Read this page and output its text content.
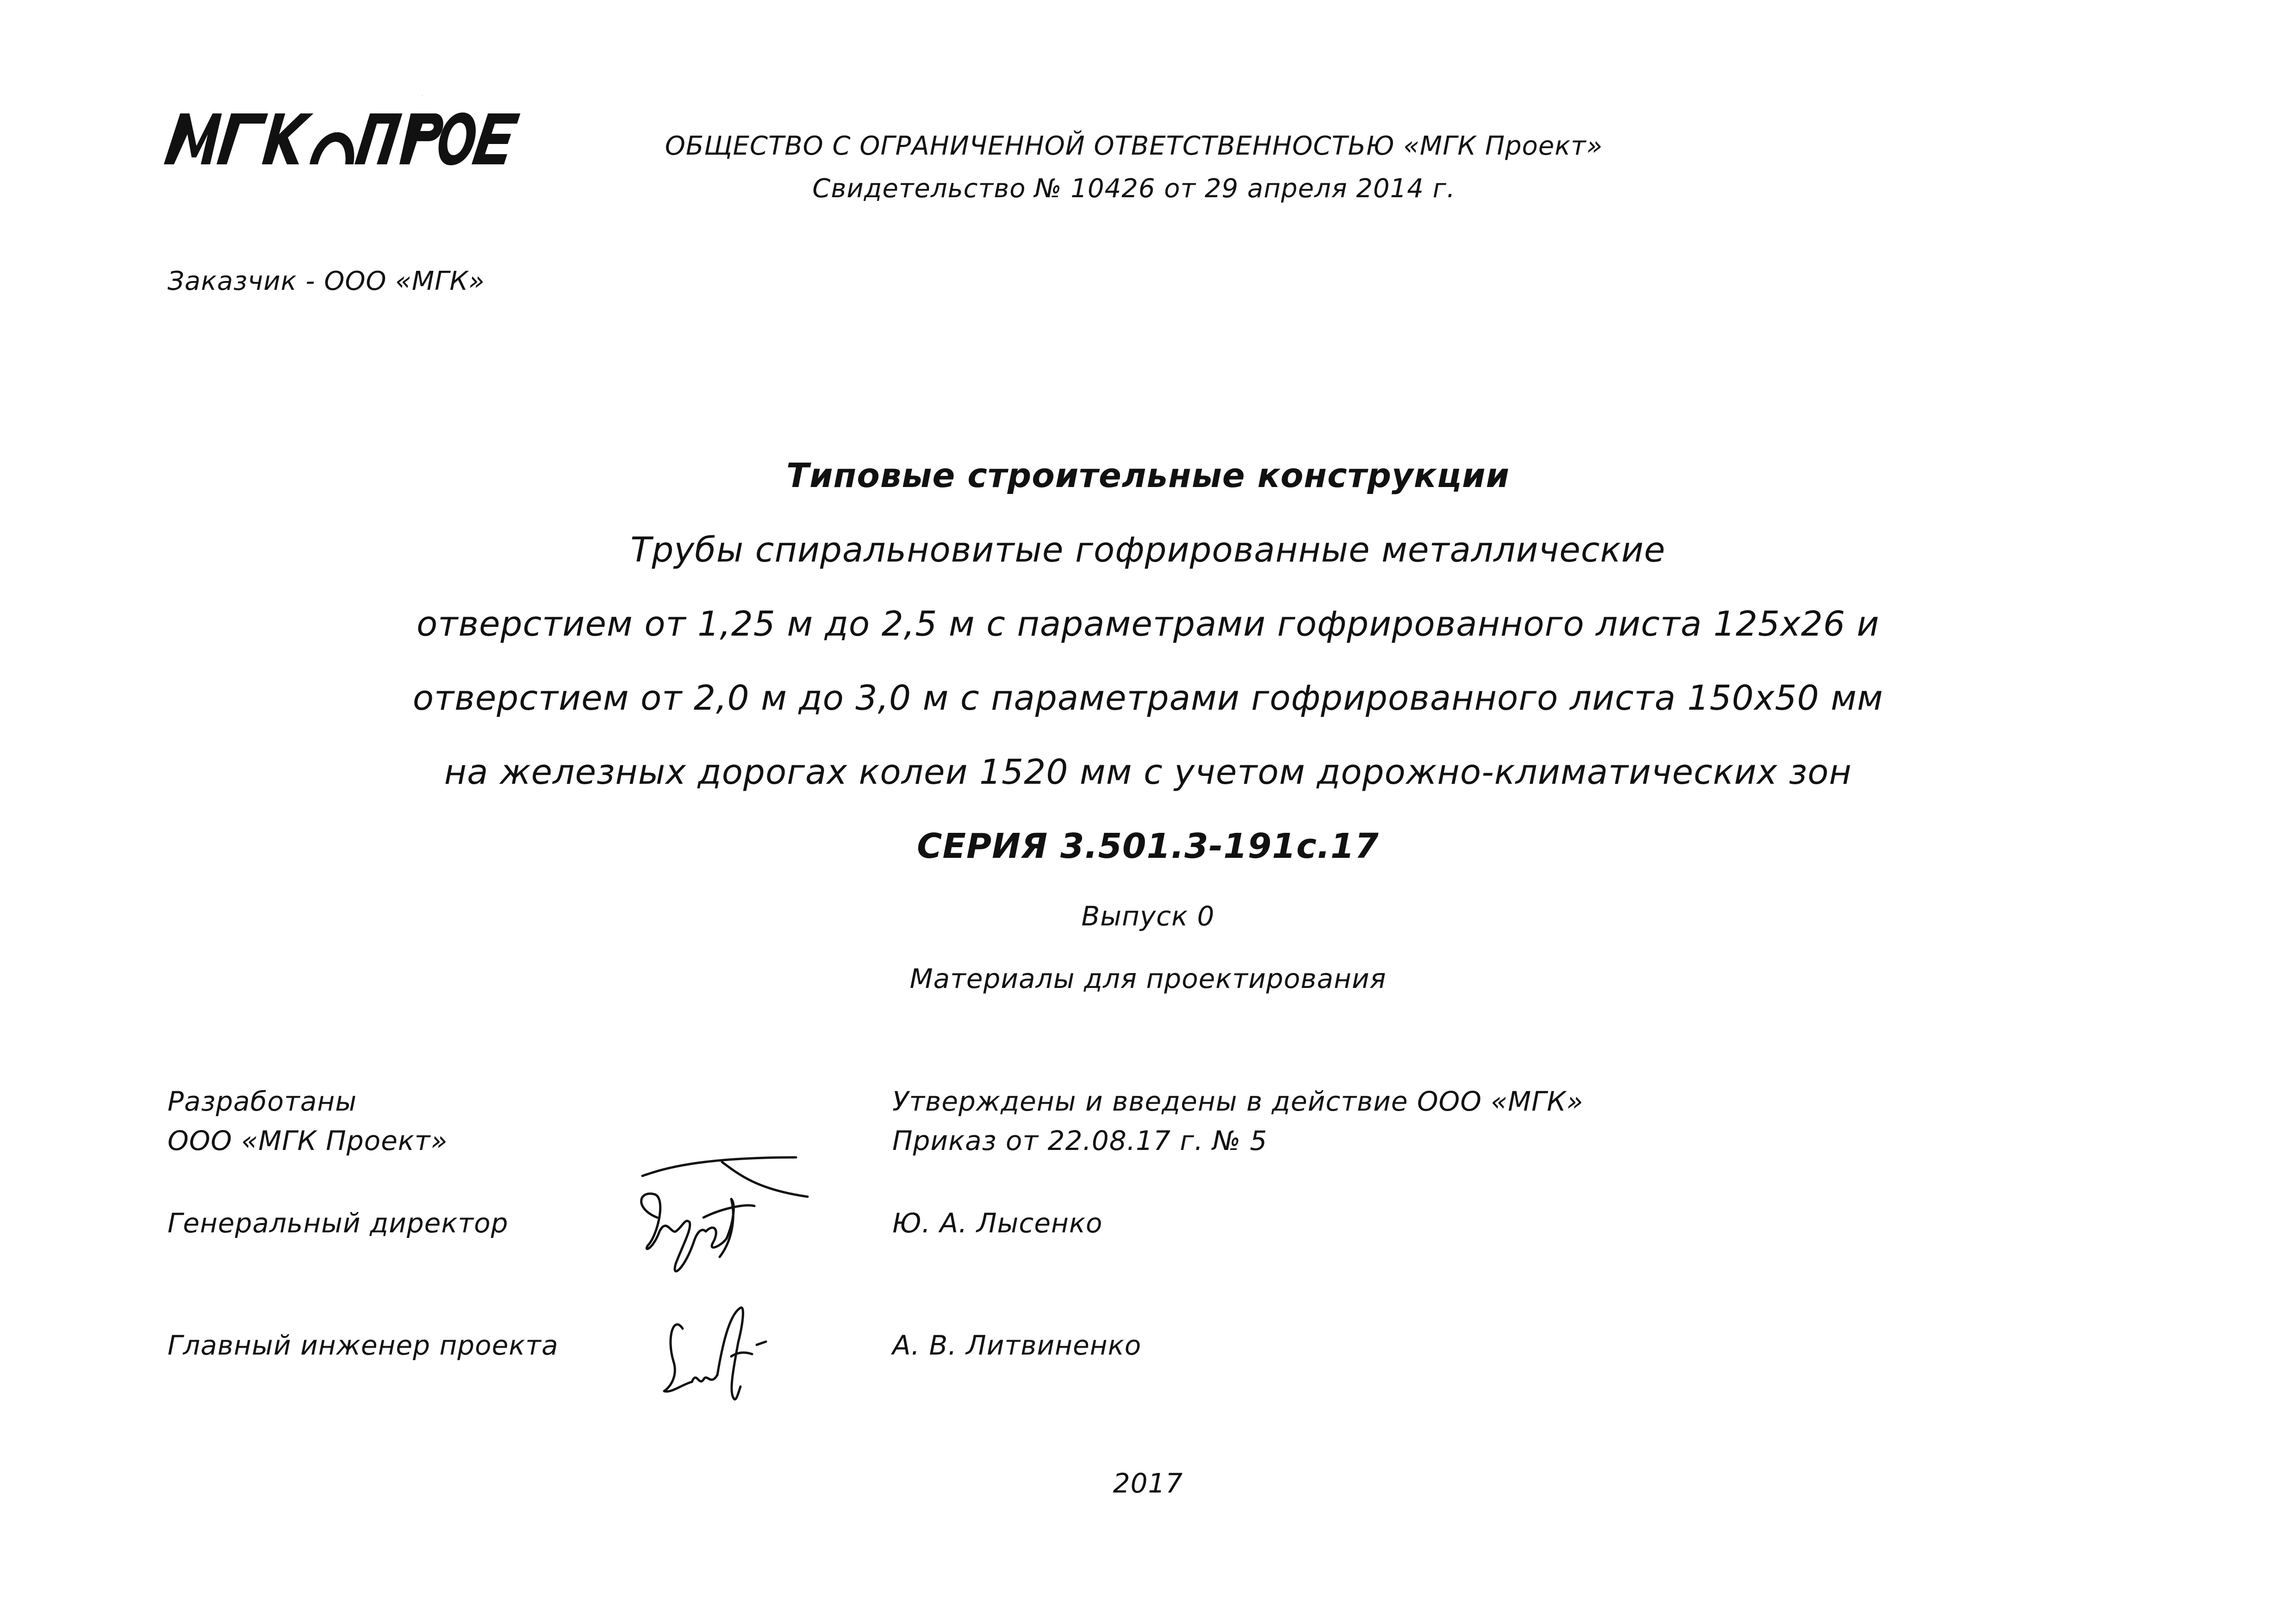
ОБЩЕСТВО С ОГРАНИЧЕННОЙ ОТВЕТСТВЕННОСТЬЮ «МГК Проект»
Свидетельство № 10426 от 29 апреля 2014 г.
Заказчик - ООО «МГК»
Типовые строительные конструкции
Трубы спиральновитые гофрированные металлические
отверстием от 1,25 м до 2,5 м с параметрами гофрированного листа 125х26 и
отверстием от 2,0 м до 3,0 м с параметрами гофрированного листа 150х50 мм
на железных дорогах колеи 1520 мм с учетом дорожно-климатических зон
СЕРИЯ 3.501.3-191с.17
Выпуск 0
Материалы для проектирования
Разработаны
ООО «МГК Проект»
Утверждены и введены в действие ООО «МГК»
Приказ от 22.08.17 г. № 5
Генеральный директор	Ю. А. Лысенко
Главный инженер проекта	А. В. Литвиненко
2017
